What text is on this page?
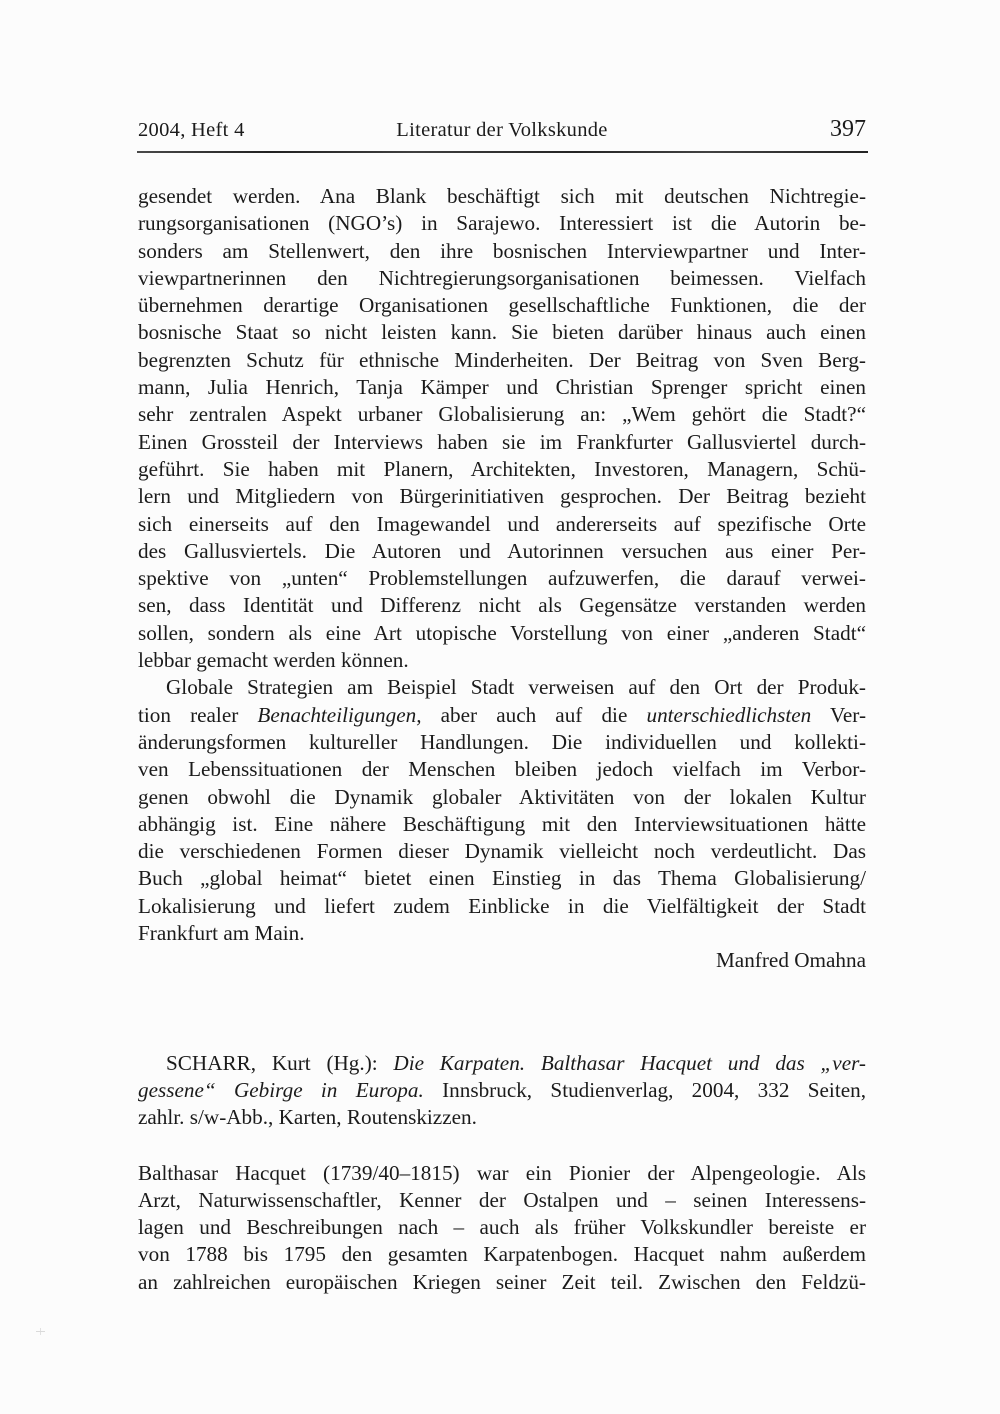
2004, Heft 4	Literatur der Volkskunde	397
gesendet werden. Ana Blank beschäftigt sich mit deutschen Nichtregie-
rungsorganisationen (NGO’s) in Sarajewo. Interessiert ist die Autorin be-
sonders am Stellenwert, den ihre bosnischen Interviewpartner und Inter-
viewpartnerinnen den Nichtregierungsorganisationen beimessen. Vielfach
übernehmen derartige Organisationen gesellschaftliche Funktionen, die der
bosnische Staat so nicht leisten kann. Sie bieten darüber hinaus auch einen
begrenzten Schutz für ethnische Minderheiten. Der Beitrag von Sven Berg-
mann, Julia Henrich, Tanja Kämper und Christian Sprenger spricht einen
sehr zentralen Aspekt urbaner Globalisierung an: „Wem gehört die Stadt?“
Einen Grossteil der Interviews haben sie im Frankfurter Gallusviertel durch-
geführt. Sie haben mit Planern, Architekten, Investoren, Managern, Schü-
lern und Mitgliedern von Bürgerinitiativen gesprochen. Der Beitrag bezieht
sich einerseits auf den Imagewandel und andererseits auf spezifische Orte
des Gallusviertels. Die Autoren und Autorinnen versuchen aus einer Per-
spektive von „unten“ Problemstellungen aufzuwerfen, die darauf verwei-
sen, dass Identität und Differenz nicht als Gegensätze verstanden werden
sollen, sondern als eine Art utopische Vorstellung von einer „anderen Stadt“
lebbar gemacht werden können.
Globale Strategien am Beispiel Stadt verweisen auf den Ort der Produk-
tion realer Benachteiligungen, aber auch auf die unterschiedlichsten Ver-
änderungsformen kultureller Handlungen. Die individuellen und kollekti-
ven Lebenssituationen der Menschen bleiben jedoch vielfach im Verbor-
genen obwohl die Dynamik globaler Aktivitäten von der lokalen Kultur
abhängig ist. Eine nähere Beschäftigung mit den Interviewsituationen hätte
die verschiedenen Formen dieser Dynamik vielleicht noch verdeutlicht. Das
Buch „global heimat“ bietet einen Einstieg in das Thema Globalisierung/
Lokalisierung und liefert zudem Einblicke in die Vielfältigkeit der Stadt
Frankfurt am Main.
Manfred Omahna
SCHARR, Kurt (Hg.): Die Karpaten. Balthasar Hacquet und das „ver-
gessene“ Gebirge in Europa. Innsbruck, Studienverlag, 2004, 332 Seiten,
zahlr. s/w-Abb., Karten, Routenskizzen.
Balthasar Hacquet (1739/40–1815) war ein Pionier der Alpengeologie. Als
Arzt, Naturwissenschaftler, Kenner der Ostalpen und – seinen Interessens-
lagen und Beschreibungen nach – auch als früher Volkskundler bereiste er
von 1788 bis 1795 den gesamten Karpatenbogen. Hacquet nahm außerdem
an zahlreichen europäischen Kriegen seiner Zeit teil. Zwischen den Feldzü-
